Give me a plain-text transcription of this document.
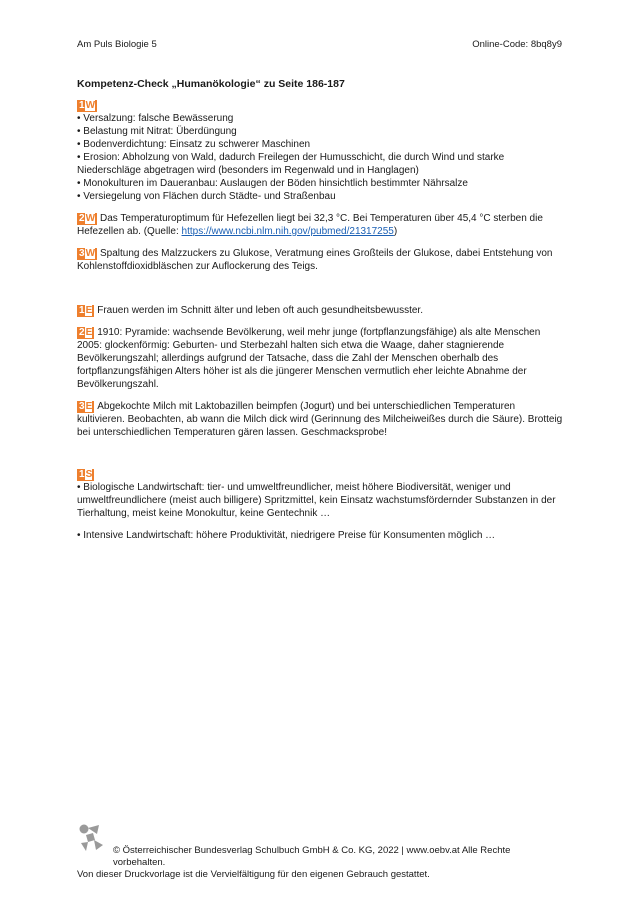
Am Puls Biologie 5	Online-Code: 8bq8y9
Kompetenz-Check „Humanökologie“ zu Seite 186-187
1W

• Versalzung: falsche Bewässerung

• Belastung mit Nitrat: Überdüngung

• Bodenverdichtung: Einsatz zu schwerer Maschinen

• Erosion: Abholzung von Wald, dadurch Freilegen der Humusschicht, die durch Wind und starke Niederschläge abgetragen wird (besonders im Regenwald und in Hanglagen)

• Monokulturen im Daueranbau: Auslaugen der Böden hinsichtlich bestimmter Nährsalze

• Versiegelung von Flächen durch Städte- und Straßenbau

2W Das Temperaturoptimum für Hefezellen liegt bei 32,3 °C. Bei Temperaturen über 45,4 °C sterben die Hefezellen ab. (Quelle: https://www.ncbi.nlm.nih.gov/pubmed/21317255)

3W Spaltung des Malzzuckers zu Glukose, Veratmung eines Großteils der Glukose, dabei Entstehung von Kohlenstoffdioxidbläschen zur Auflockerung des Teigs.

1E Frauen werden im Schnitt älter und leben oft auch gesundheitsbewusster.

2E 1910: Pyramide: wachsende Bevölkerung, weil mehr junge (fortpflanzungsfähige) als alte Menschen

2005: glockenförmig: Geburten- und Sterbezahl halten sich etwa die Waage, daher stagnierende Bevölkerungszahl; allerdings aufgrund der Tatsache, dass die Zahl der Menschen oberhalb des fortpflanzungsfähigen Alters höher ist als die jüngerer Menschen vermutlich eher leichte Abnahme der Bevölkerungszahl.

3E Abgekochte Milch mit Laktobazillen beimpfen (Jogurt) und bei unterschiedlichen Temperaturen kultivieren. Beobachten, ab wann die Milch dick wird (Gerinnung des Milcheiweißes durch die Säure). Brotteig bei unterschiedlichen Temperaturen gären lassen. Geschmacksprobe!

1S

• Biologische Landwirtschaft: tier- und umweltfreundlicher, meist höhere Biodiversität, weniger und umweltfreundlichere (meist auch billigere) Spritzmittel, kein Einsatz wachstumsfördernder Substanzen in der Tierhaltung, meist keine Monokultur, keine Gentechnik …

• Intensive Landwirtschaft: höhere Produktivität, niedrigere Preise für Konsumenten möglich …

© Österreichischer Bundesverlag Schulbuch GmbH & Co. KG, 2022 | www.oebv.at Alle Rechte vorbehalten.
Von dieser Druckvorlage ist die Vervielfältigung für den eigenen Gebrauch gestattet.
